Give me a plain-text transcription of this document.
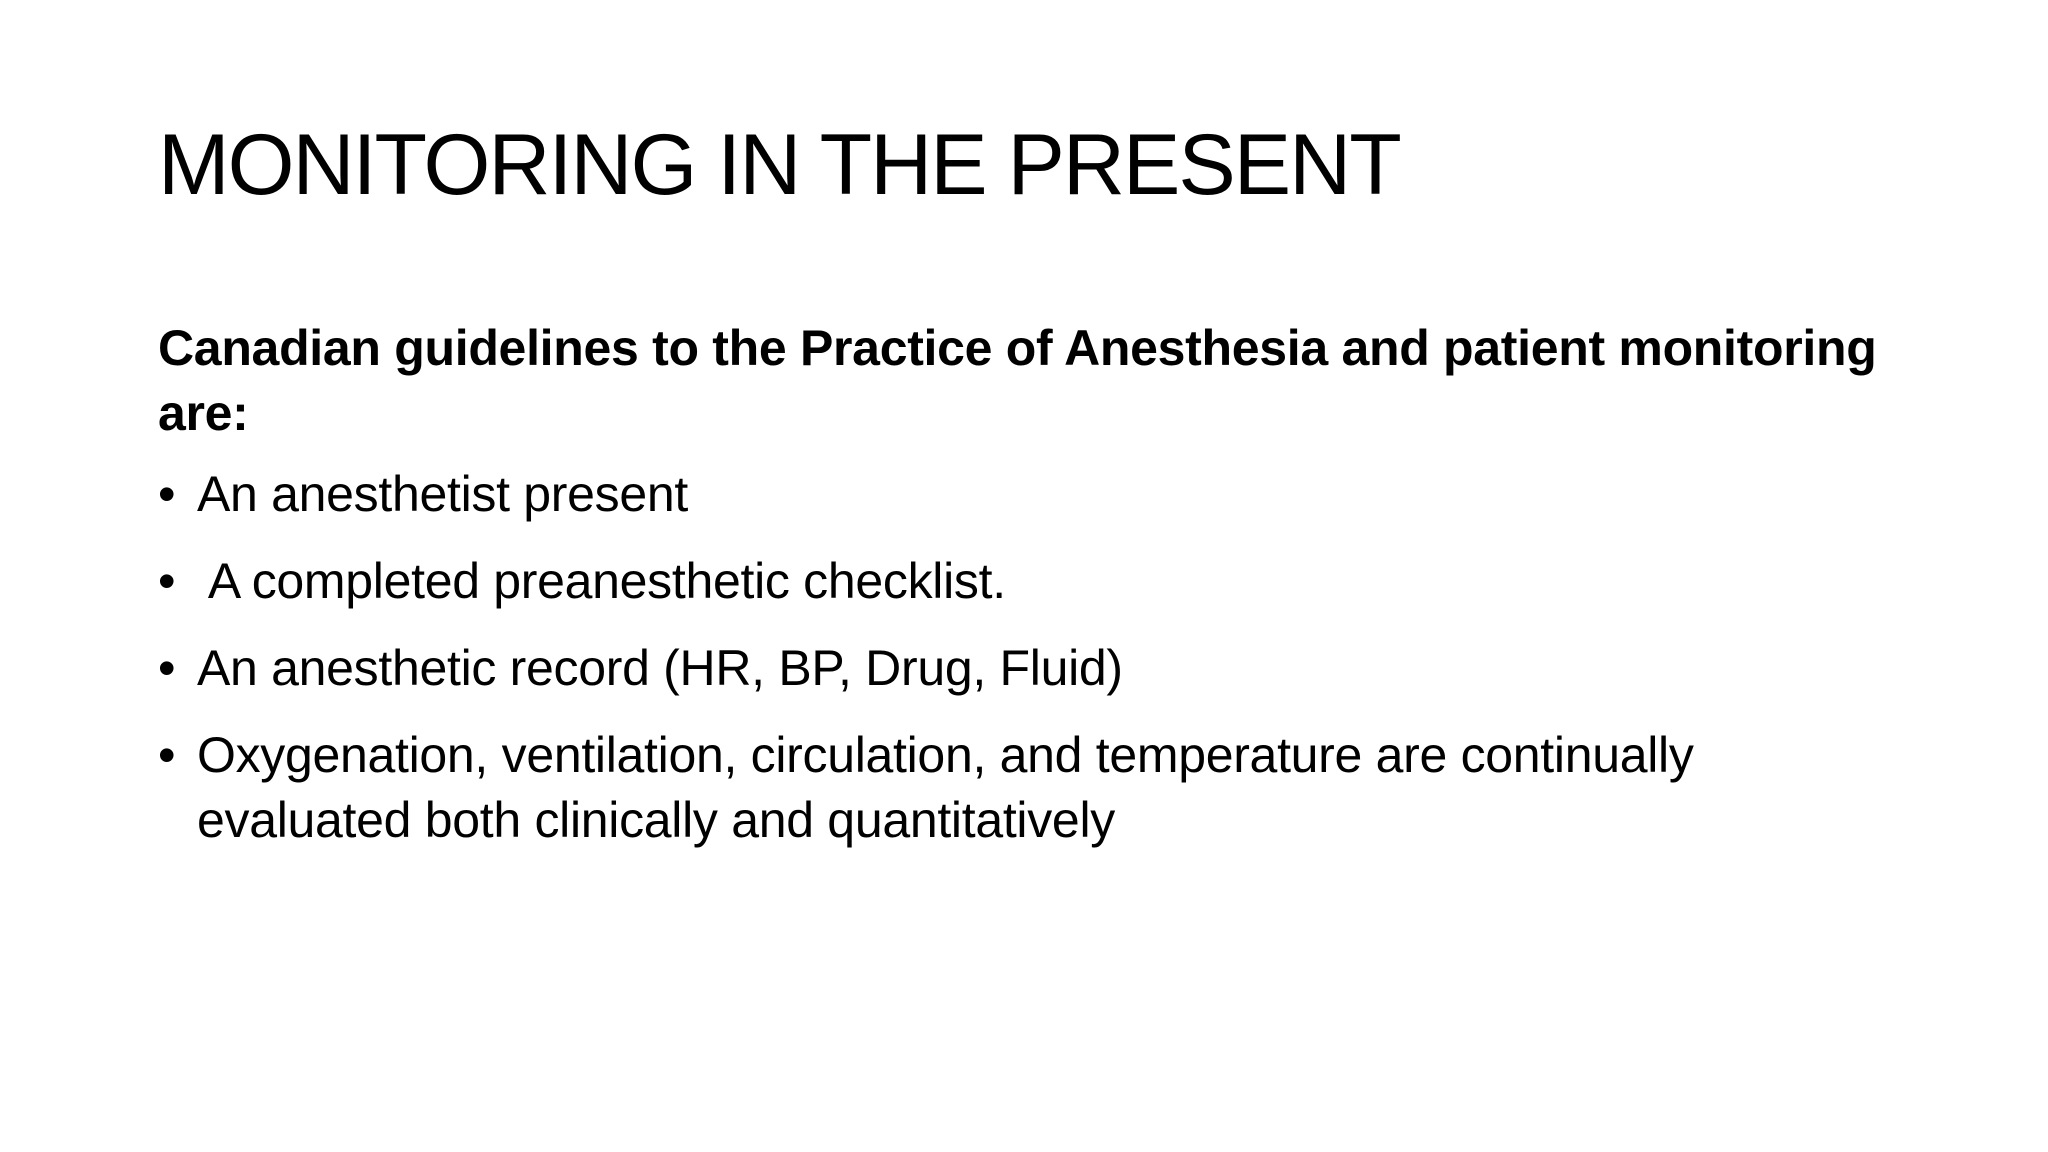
MONITORING IN THE PRESENT
Canadian guidelines to the Practice of Anesthesia and patient monitoring are:
• An anesthetist present
• A completed preanesthetic checklist.
• An anesthetic record (HR, BP, Drug, Fluid)
• Oxygenation, ventilation, circulation, and temperature are continually evaluated both clinically and quantitatively
